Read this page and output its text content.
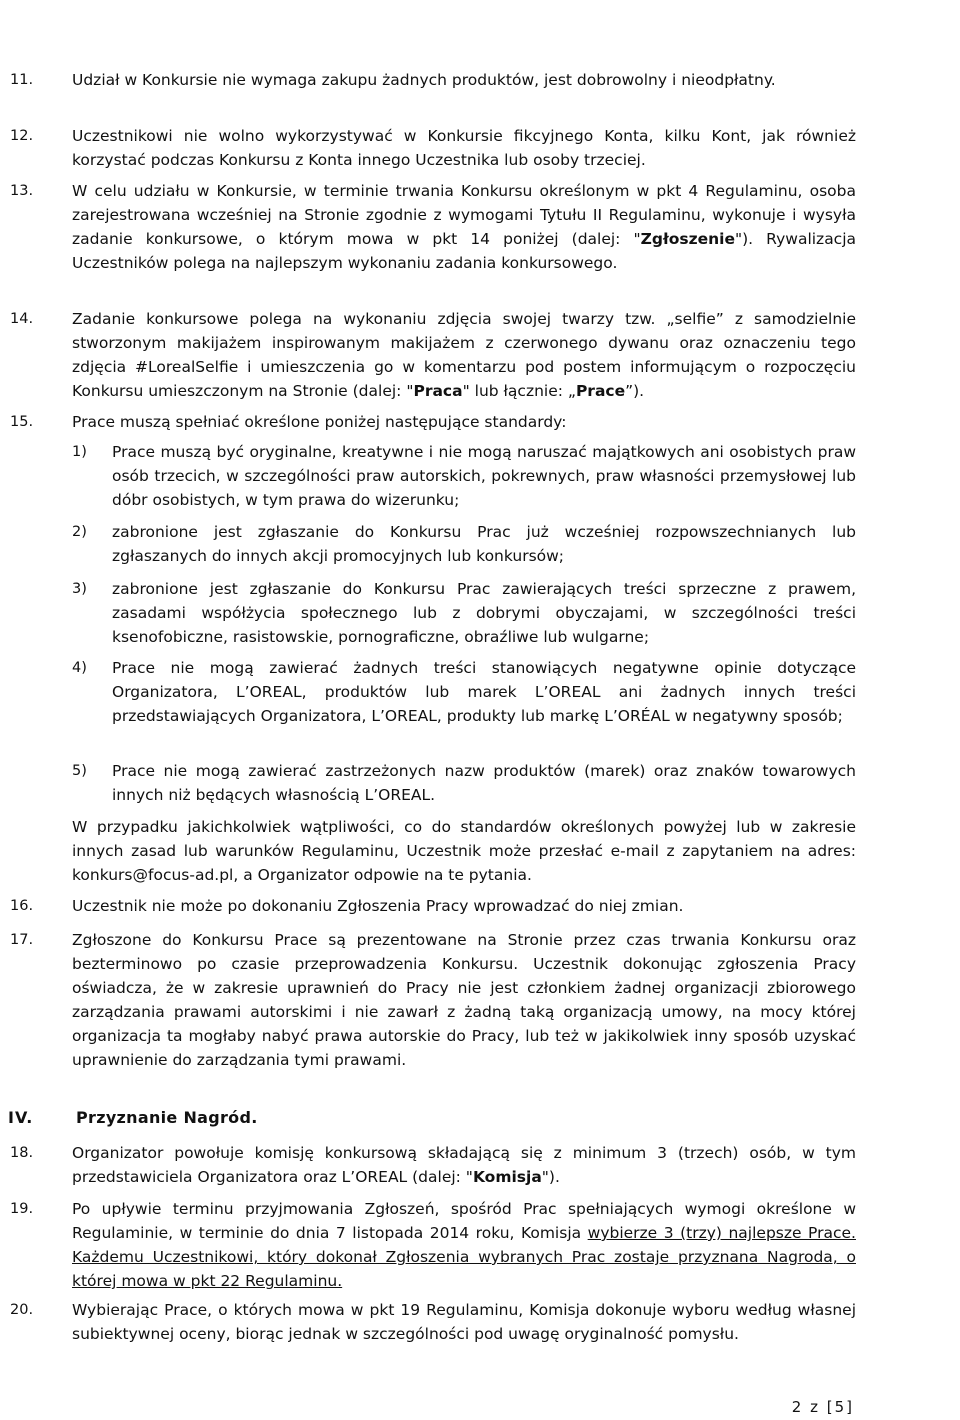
11.	Udział w Konkursie nie wymaga zakupu żadnych produktów, jest dobrowolny i nieodpłatny.
12.	Uczestnikowi nie wolno wykorzystywać w Konkursie fikcyjnego Konta, kilku Kont, jak również korzystać podczas Konkursu z Konta innego Uczestnika lub osoby trzeciej.
13.	W celu udziału w Konkursie, w terminie trwania Konkursu określonym w pkt 4 Regulaminu, osoba zarejestrowana wcześniej na Stronie zgodnie z wymogami Tytułu II Regulaminu, wykonuje i wysyła zadanie konkursowe, o którym mowa w pkt 14 poniżej (dalej: "Zgłoszenie"). Rywalizacja Uczestników polega na najlepszym wykonaniu zadania konkursowego.
14.	Zadanie konkursowe polega na wykonaniu zdjęcia swojej twarzy tzw. „selfie” z samodzielnie stworzonym makijażem inspirowanym makijażem z czerwonego dywanu oraz oznaczeniu tego zdjęcia #LorealSelfie i umieszczenia go w komentarzu pod postem informującym o rozpoczęciu Konkursu umieszczonym na Stronie (dalej: "Praca" lub łącznie: „Prace”).
15.	Prace muszą spełniać określone poniżej następujące standardy:
1) Prace muszą być oryginalne, kreatywne i nie mogą naruszać majątkowych ani osobistych praw osób trzecich, w szczególności praw autorskich, pokrewnych, praw własności przemysłowej lub dóbr osobistych, w tym prawa do wizerunku;
2) zabronione jest zgłaszanie do Konkursu Prac już wcześniej rozpowszechnianych lub zgłaszanych do innych akcji promocyjnych lub konkursów;
3) zabronione jest zgłaszanie do Konkursu Prac zawierających treści sprzeczne z prawem, zasadami współżycia społecznego lub z dobrymi obyczajami, w szczególności treści ksenofobiczne, rasistowskie, pornograficzne, obraźliwe lub wulgarne;
4) Prace nie mogą zawierać żadnych treści stanowiących negatywne opinie dotyczące Organizatora, L’OREAL, produktów lub marek L’OREAL ani żadnych innych treści przedstawiających Organizatora, L’OREAL, produkty lub markę L’ORÉAL w negatywny sposób;
5) Prace nie mogą zawierać zastrzeżonych nazw produktów (marek) oraz znaków towarowych innych niż będących własnością L’OREAL.
W przypadku jakichkolwiek wątpliwości, co do standardów określonych powyżej lub w zakresie innych zasad lub warunków Regulaminu, Uczestnik może przesłać e-mail z zapytaniem na adres: konkurs@focus-ad.pl, a Organizator odpowie na te pytania.
16.	Uczestnik nie może po dokonaniu Zgłoszenia Pracy wprowadzać do niej zmian.
17.	Zgłoszone do Konkursu Prace są prezentowane na Stronie przez czas trwania Konkursu oraz bezterminowo po czasie przeprowadzenia Konkursu. Uczestnik dokonując zgłoszenia Pracy oświadcza, że w zakresie uprawnień do Pracy nie jest członkiem żadnej organizacji zbiorowego zarządzania prawami autorskimi i nie zawarł z żadną taką organizacją umowy, na mocy której organizacja ta mogłaby nabyć prawa autorskie do Pracy, lub też w jakikolwiek inny sposób uzyskać uprawnienie do zarządzania tymi prawami.
IV.	Przyznanie Nagród.
18.	Organizator powołuje komisję konkursową składającą się z minimum 3 (trzech) osób, w tym przedstawiciela Organizatora oraz L’OREAL (dalej: "Komisja").
19.	Po upływie terminu przyjmowania Zgłoszeń, spośród Prac spełniających wymogi określone w Regulaminie, w terminie do dnia 7 listopada 2014 roku, Komisja wybierze 3 (trzy) najlepsze Prace. Każdemu Uczestnikowi, który dokonał Zgłoszenia wybranych Prac zostaje przyznana Nagroda, o której mowa w pkt 22 Regulaminu.
20.	Wybierając Prace, o których mowa w pkt 19 Regulaminu, Komisja dokonuje wyboru według własnej subiektywnej oceny, biorąc jednak w szczególności pod uwagę oryginalność pomysłu.
2 z [5]
